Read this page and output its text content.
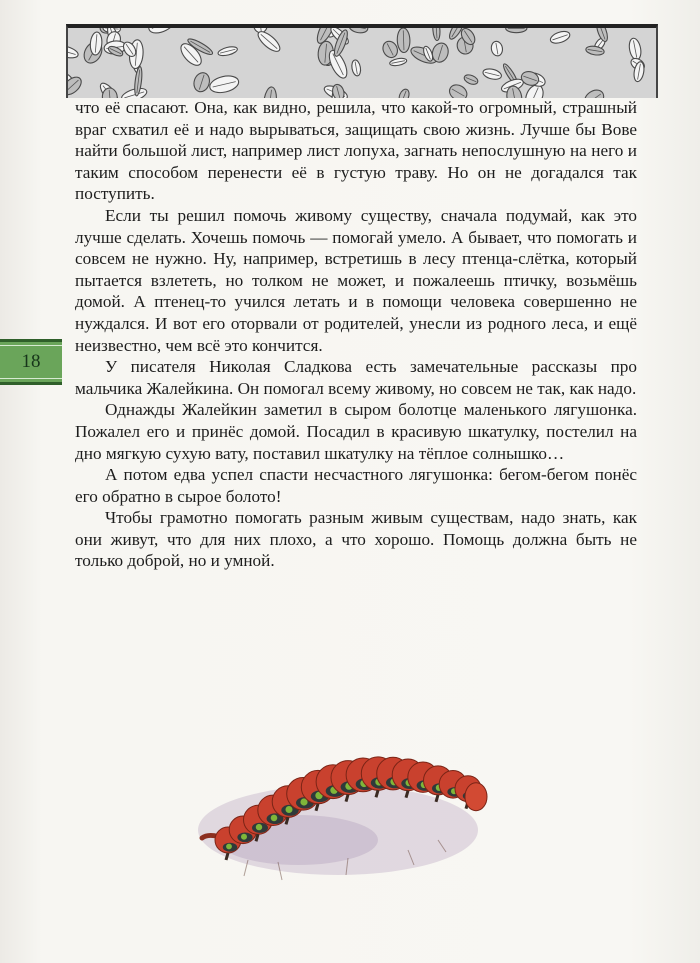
что её спасают. Она, как видно, решила, что какой-то огромный, страшный враг схватил её и надо вырываться, защищать свою жизнь. Лучше бы Вове найти большой лист, например лист лопуха, загнать непослушную на него и таким способом перенести её в густую траву. Но он не догадался так поступить.

Если ты решил помочь живому существу, сначала подумай, как это лучше сделать. Хочешь помочь — помогай умело. А бывает, что помогать и совсем не нужно. Ну, например, встретишь в лесу птенца-слётка, который пытается взлететь, но толком не может, и пожалеешь птичку, возьмёшь домой. А птенец-то учился летать и в помощи человека совершенно не нуждался. И вот его оторвали от родителей, унесли из родного леса, и ещё неизвестно, чем всё это кончится.

У писателя Николая Сладкова есть замечательные рассказы про мальчика Жалейкина. Он помогал всему живому, но совсем не так, как надо.

Однажды Жалейкин заметил в сыром болотце маленького лягушонка. Пожалел его и принёс домой. Посадил в красивую шкатулку, постелил на дно мягкую сухую вату, поставил шкатулку на тёплое солнышко…

А потом едва успел спасти несчастного лягушонка: бегом-бегом понёс его обратно в сырое болото!

Чтобы грамотно помогать разным живым существам, надо знать, как они живут, что для них плохо, а что хорошо. Помощь должна быть не только доброй, но и умной.

18
